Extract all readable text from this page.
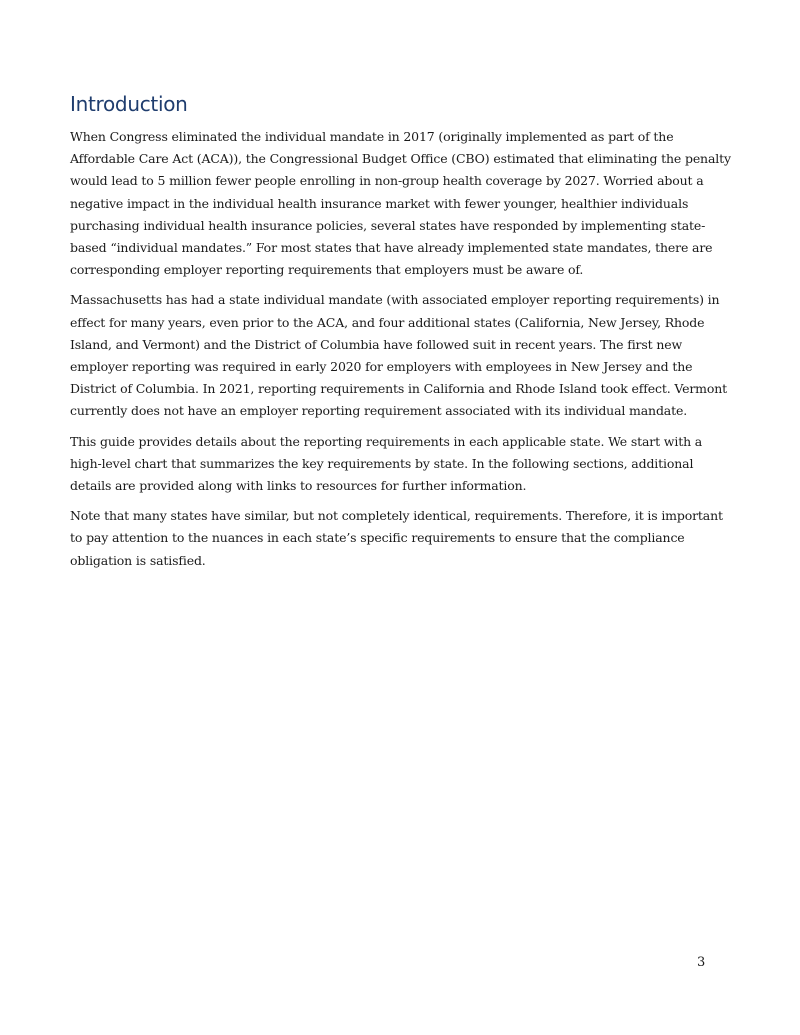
Introduction

When Congress eliminated the individual mandate in 2017 (originally implemented as part of the Affordable Care Act (ACA)), the Congressional Budget Office (CBO) estimated that eliminating the penalty would lead to 5 million fewer people enrolling in non-group health coverage by 2027. Worried about a negative impact in the individual health insurance market with fewer younger, healthier individuals purchasing individual health insurance policies, several states have responded by implementing state-based “individual mandates.” For most states that have already implemented state mandates, there are corresponding employer reporting requirements that employers must be aware of.

Massachusetts has had a state individual mandate (with associated employer reporting requirements) in effect for many years, even prior to the ACA, and four additional states (California, New Jersey, Rhode Island, and Vermont) and the District of Columbia have followed suit in recent years. The first new employer reporting was required in early 2020 for employers with employees in New Jersey and the District of Columbia. In 2021, reporting requirements in California and Rhode Island took effect. Vermont currently does not have an employer reporting requirement associated with its individual mandate.

This guide provides details about the reporting requirements in each applicable state. We start with a high-level chart that summarizes the key requirements by state. In the following sections, additional details are provided along with links to resources for further information.

Note that many states have similar, but not completely identical, requirements. Therefore, it is important to pay attention to the nuances in each state’s specific requirements to ensure that the compliance obligation is satisfied.

3
